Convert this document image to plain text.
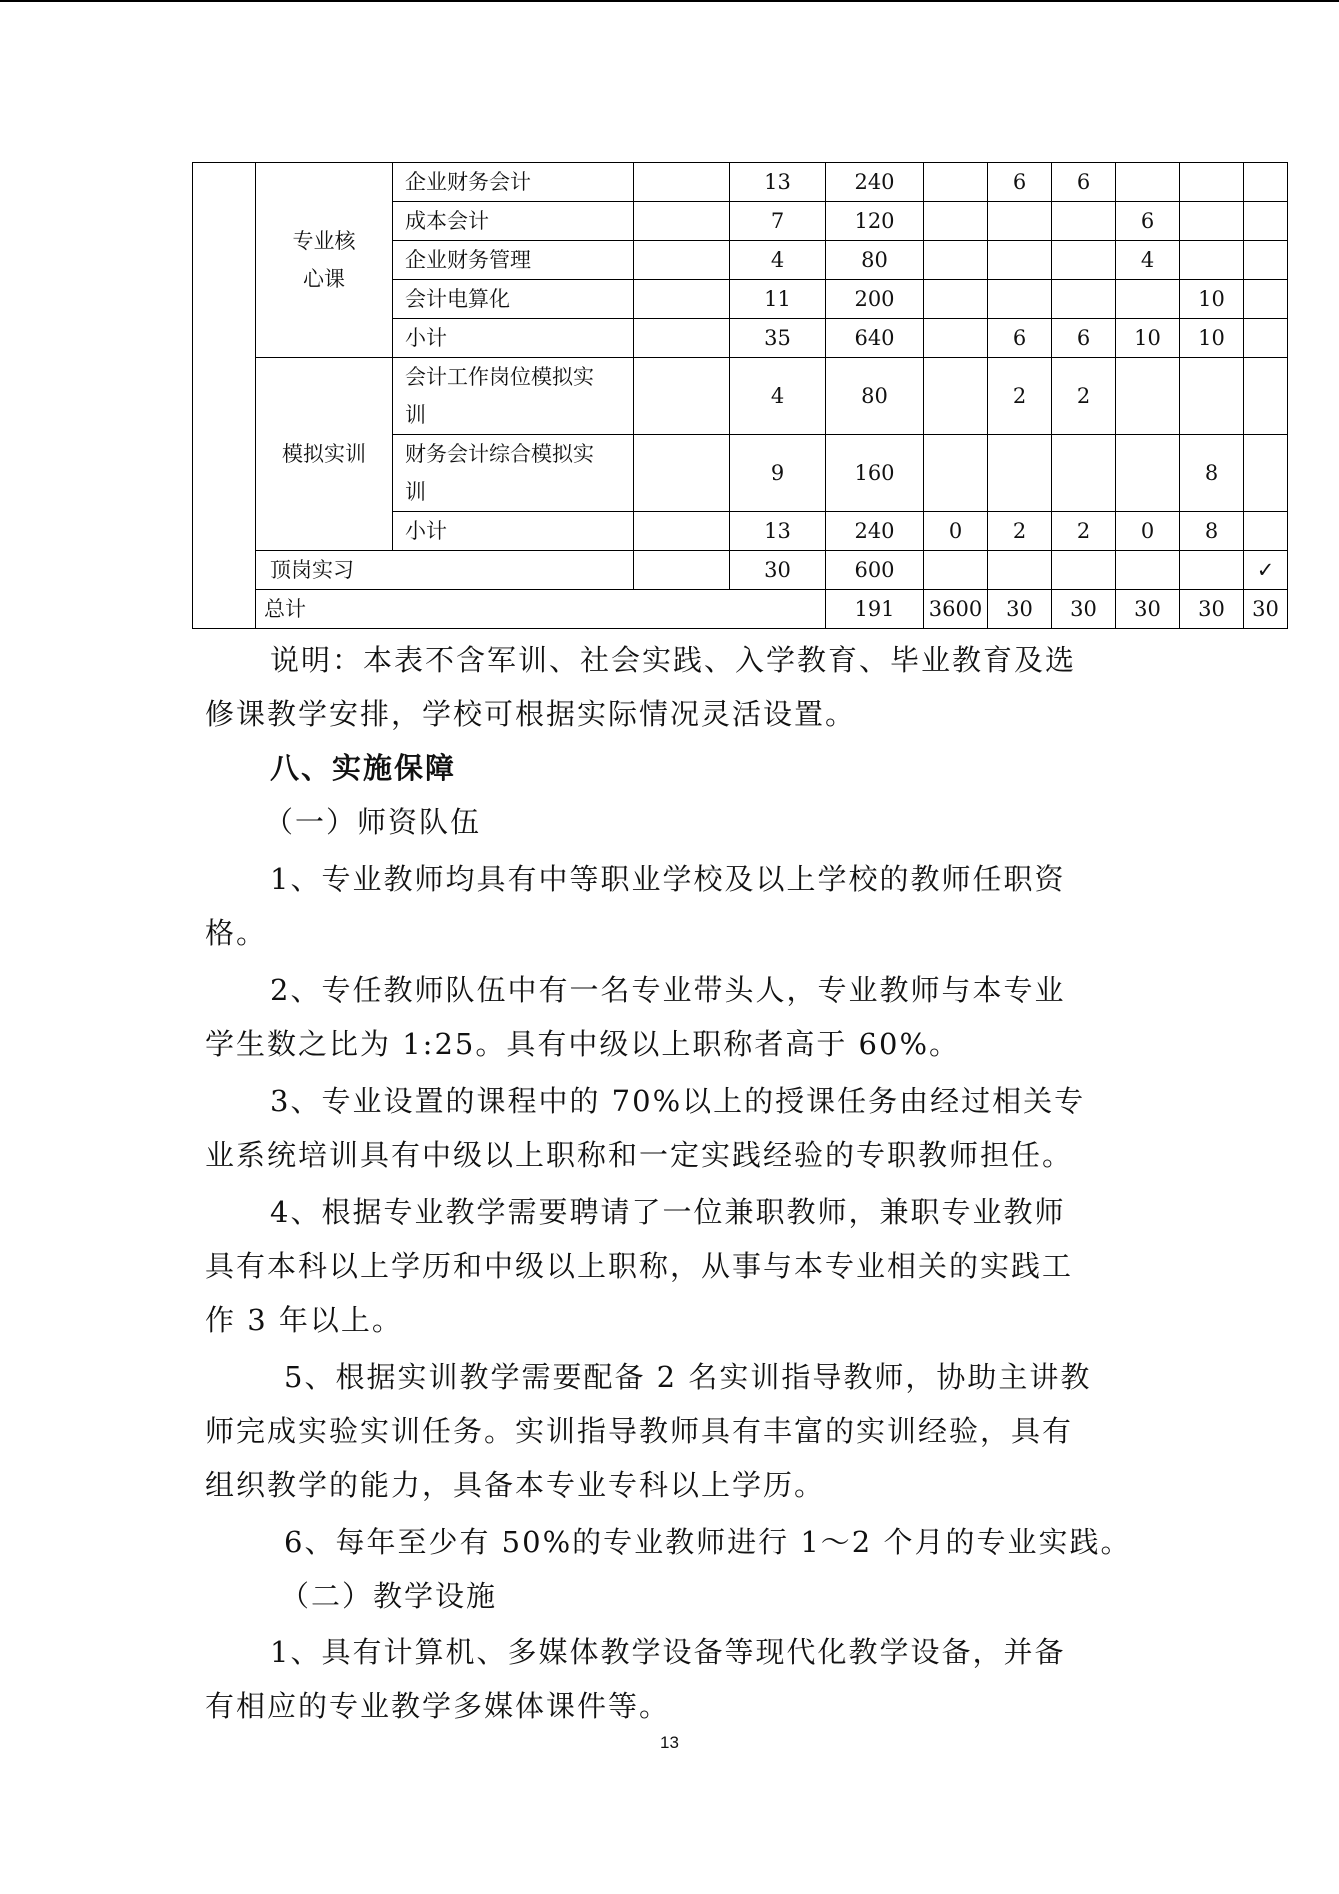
	专业核
心课	企业财务会计		13	240		6	6				
		成本会计		7	120				6			
		企业财务管理		4	80				4			
		会计电算化		11	200					10		
		小计		35	640		6	6	10	10		
	模拟实训	会计工作岗位模拟实
训		4	80		2	2				
		财务会计综合模拟实
训		9	160					8		
		小计		13	240	0	2	2	0	8		
	顶岗实习			30	600						✓	
	总计				191	3600	30	30	30	30	30	

说明：本表不含军训、社会实践、入学教育、毕业教育及选

修课教学安排，学校可根据实际情况灵活设置。

八、实施保障

（一）师资队伍

1、专业教师均具有中等职业学校及以上学校的教师任职资

格。

2、专任教师队伍中有一名专业带头人，专业教师与本专业

学生数之比为 1:25。具有中级以上职称者高于 60%。

3、专业设置的课程中的 70%以上的授课任务由经过相关专

业系统培训具有中级以上职称和一定实践经验的专职教师担任。

4、根据专业教学需要聘请了一位兼职教师，兼职专业教师

具有本科以上学历和中级以上职称，从事与本专业相关的实践工

作 3 年以上。

5、根据实训教学需要配备 2 名实训指导教师，协助主讲教

师完成实验实训任务。实训指导教师具有丰富的实训经验，具有

组织教学的能力，具备本专业专科以上学历。

6、每年至少有 50%的专业教师进行 1～2 个月的专业实践。

（二）教学设施

1、具有计算机、多媒体教学设备等现代化教学设备，并备

有相应的专业教学多媒体课件等。

13
